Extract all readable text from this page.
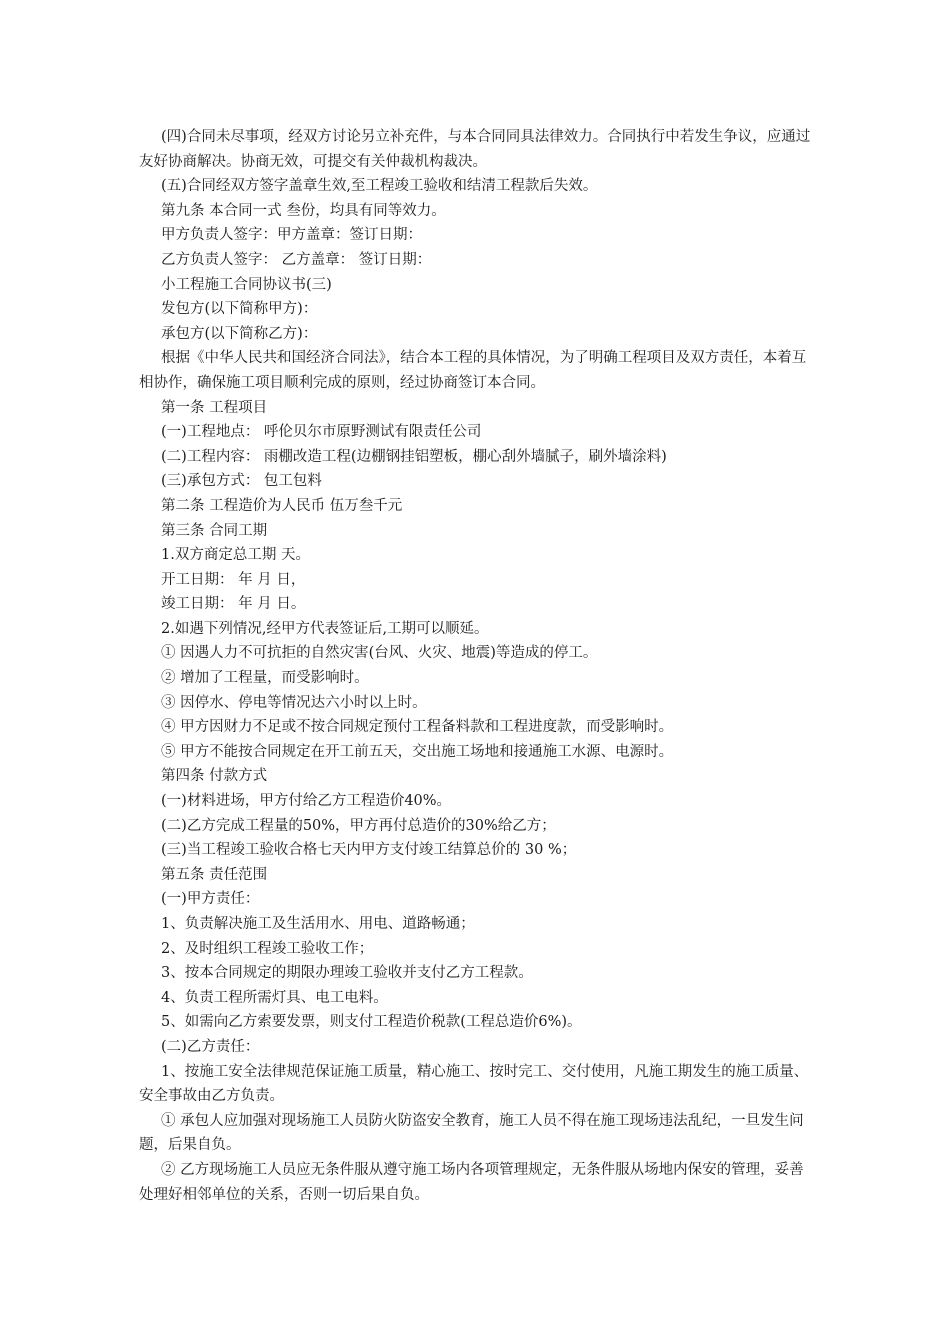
(四)合同未尽事项，经双方讨论另立补充件，与本合同同具法律效力。合同执行中若发生争议，应通过友好协商解决。协商无效，可提交有关仲裁机构裁决。

(五)合同经双方签字盖章生效,至工程竣工验收和结清工程款后失效。

第九条 本合同一式 叁份，均具有同等效力。

甲方负责人签字：甲方盖章：签订日期：

乙方负责人签字： 乙方盖章： 签订日期：

小工程施工合同协议书(三)

发包方(以下简称甲方)：

承包方(以下简称乙方)：

根据《中华人民共和国经济合同法》，结合本工程的具体情况，为了明确工程项目及双方责任，本着互相协作，确保施工项目顺利完成的原则，经过协商签订本合同。

第一条 工程项目

(一)工程地点： 呼伦贝尔市原野测试有限责任公司

(二)工程内容： 雨棚改造工程(边棚钢挂铝塑板，棚心刮外墙腻子，刷外墙涂料)

(三)承包方式： 包工包料

第二条 工程造价为人民币 伍万叁千元

第三条 合同工期

1.双方商定总工期 天。

开工日期： 年 月 日，

竣工日期： 年 月 日。

2.如遇下列情况,经甲方代表签证后,工期可以顺延。

① 因遇人力不可抗拒的自然灾害(台风、火灾、地震)等造成的停工。

② 增加了工程量，而受影响时。

③ 因停水、停电等情况达六小时以上时。

④ 甲方因财力不足或不按合同规定预付工程备料款和工程进度款，而受影响时。

⑤ 甲方不能按合同规定在开工前五天，交出施工场地和接通施工水源、电源时。

第四条 付款方式

(一)材料进场，甲方付给乙方工程造价40%。

(二)乙方完成工程量的50%，甲方再付总造价的30%给乙方；

(三)当工程竣工验收合格七天内甲方支付竣工结算总价的 30 %；

第五条 责任范围

(一)甲方责任：

1、负责解决施工及生活用水、用电、道路畅通；

2、及时组织工程竣工验收工作；

3、按本合同规定的期限办理竣工验收并支付乙方工程款。

4、负责工程所需灯具、电工电料。

5、如需向乙方索要发票，则支付工程造价税款(工程总造价6%)。

(二)乙方责任：

1、按施工安全法律规范保证施工质量，精心施工、按时完工、交付使用，凡施工期发生的施工质量、安全事故由乙方负责。

① 承包人应加强对现场施工人员防火防盗安全教育，施工人员不得在施工现场违法乱纪，一旦发生问题，后果自负。

② 乙方现场施工人员应无条件服从遵守施工场内各项管理规定，无条件服从场地内保安的管理，妥善处理好相邻单位的关系，否则一切后果自负。
